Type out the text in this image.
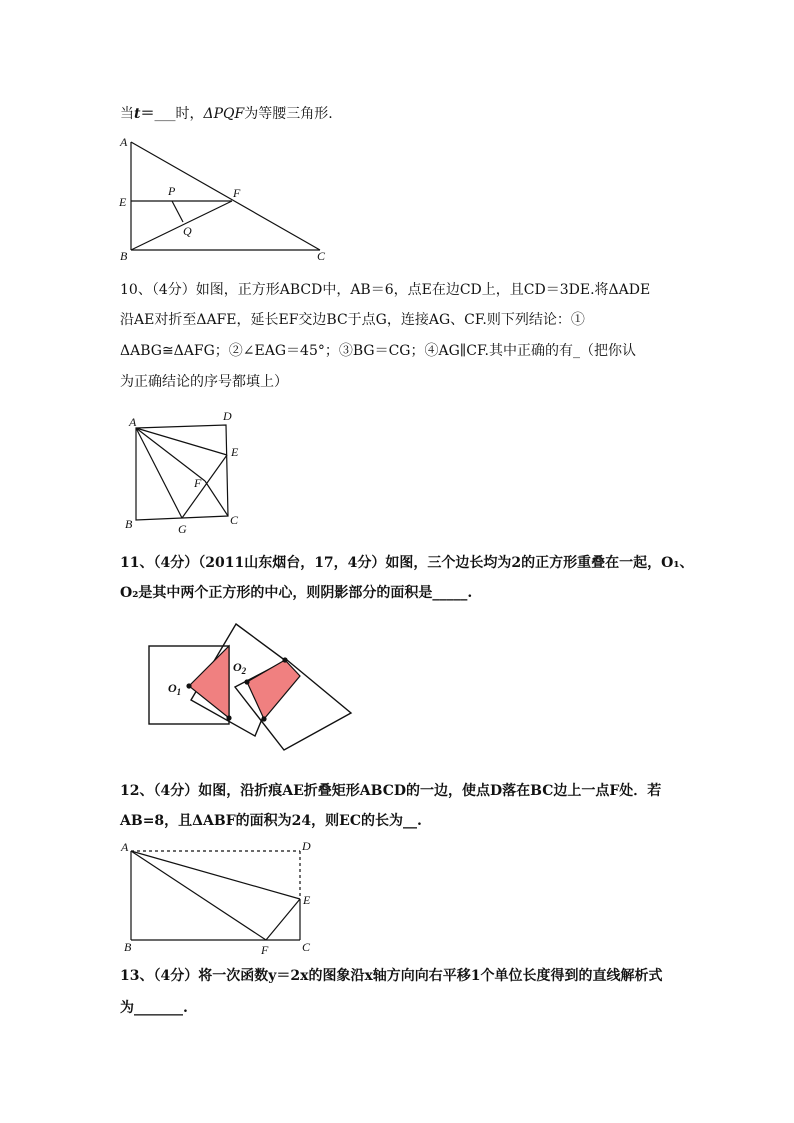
当t＝___时，ΔPQF为等腰三角形.
A
E
B
P
Q
F
C
10、（4分）如图，正方形ABCD中，AB＝6，点E在边CD上，且CD＝3DE.将ΔADE
沿AE对折至ΔAFE，延长EF交边BC于点G，连接AG、CF.则下列结论：①
ΔABG≅ΔAFG；②∠EAG＝45°；③BG＝CG；④AG∥CF.其中正确的有_（把你认
为正确结论的序号都填上）
A	D
E
F
B	G
C
11、（4分）（2011山东烟台，17，4分）如图，三个边长均为2的正方形重叠在一起，O₁、
O₂是其中两个正方形的中心，则阴影部分的面积是_____.
$O_1$
$O_2$
12、（4分）如图，沿折痕AE折叠矩形ABCD的一边，使点D落在BC边上一点F处．若
AB=8，且ΔABF的面积为24，则EC的长为__.
A	D
E
B	F	C
13、（4分）将一次函数y＝2x的图象沿x轴方向向右平移1个单位长度得到的直线解析式
为_______.
